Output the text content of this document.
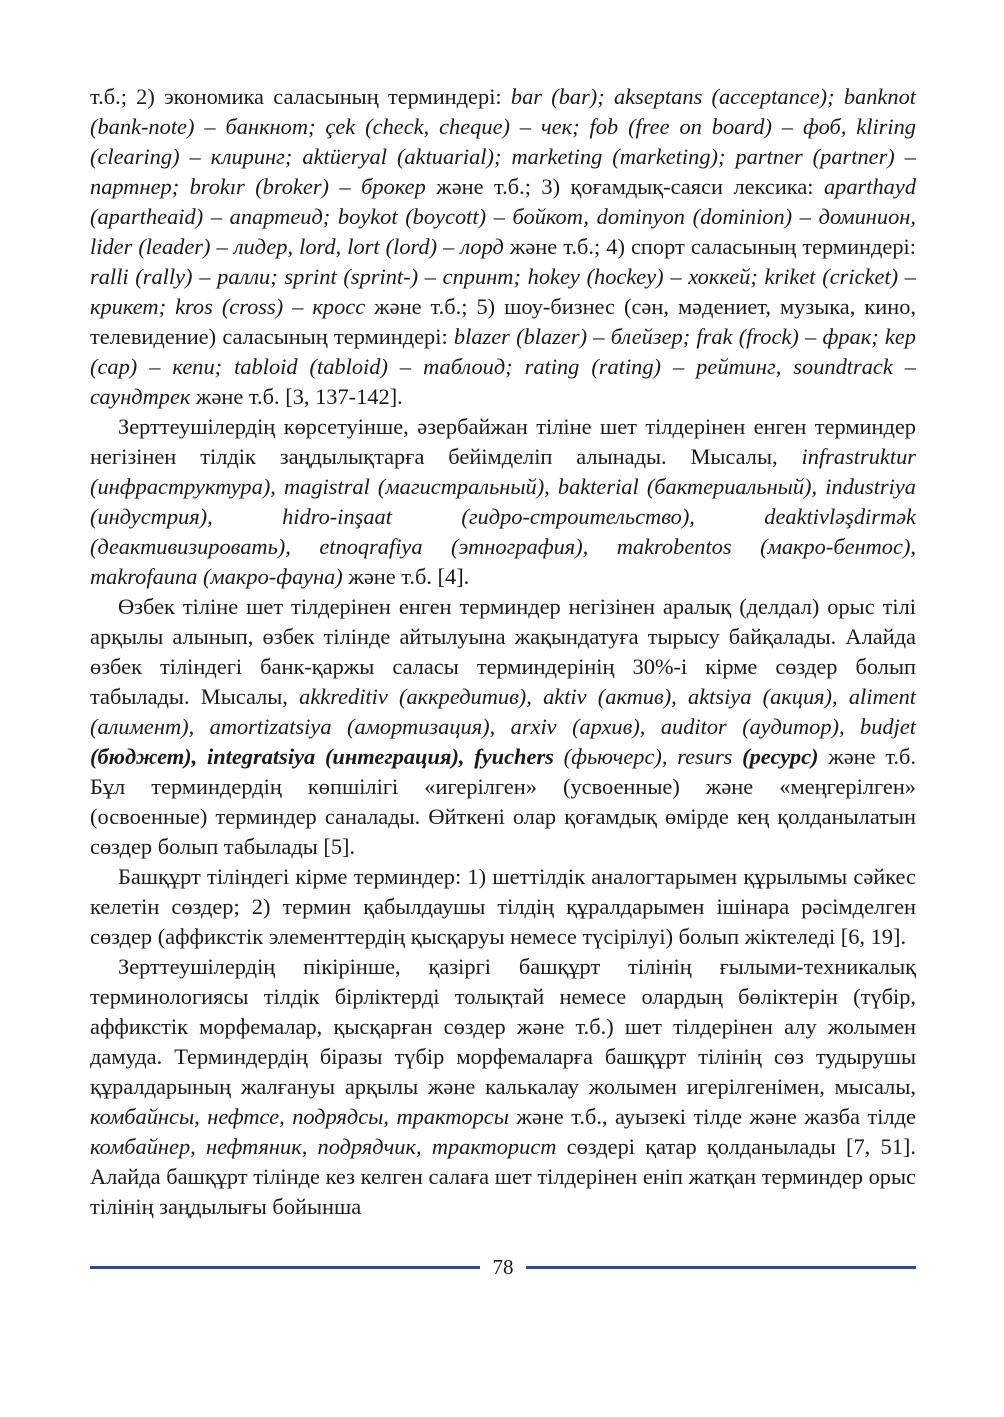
т.б.; 2) экономика саласының терминдері: bar (bar); akseptans (acceptance); banknot (bank-note) – банкнот; çek (check, cheque) – чек; fob (free on board) – фоб, kliring (clearing) – клиринг; aktüeryal (aktuarial); marketing (marketing); partner (partner) – партнер; brokır (broker) – брокер және т.б.; 3) қоғамдық-саяси лексика: aparthayd (apartheaid) – апартеид; boykot (boycott) – бойкот, dominyon (dominion) – доминион, lider (leader) – лидер, lord, lort (lord) – лорд және т.б.; 4) спорт саласының терминдері: ralli (rally) – ралли; sprint (sprint-) – спринт; hokey (hockey) – хоккей; kriket (cricket) – крикет; kros (cross) – кросс және т.б.; 5) шоу-бизнес (сән, мәдениет, музыка, кино, телевидение) саласының терминдері: blazer (blazer) – блейзер; frak (frock) – фрак; kep (cap) – кепи; tabloid (tabloid) – таблоид; rating (rating) – рейтинг, soundtrack – саундтрек және т.б. [3, 137-142].

Зерттеушілердің көрсетуінше, әзербайжан тіліне шет тілдерінен енген терминдер негізінен тілдік заңдылықтарға бейімделіп алынады. Мысалы, infrastruktur (инфраструктура), magistral (магистральный), bakterial (бактериальный), industriya (индустрия), hidro-inşaat (гидро-строительство), deaktivləşdirmək (деактивизировать), etnoqrafiya (этнография), makrobentos (макро-бентос), makrofauna (макро-фауна) және т.б. [4].

Өзбек тіліне шет тілдерінен енген терминдер негізінен аралық (делдал) орыс тілі арқылы алынып, өзбек тілінде айтылуына жақындатуға тырысу байқалады. Алайда өзбек тіліндегі банк-қаржы саласы терминдерінің 30%-і кірме сөздер болып табылады. Мысалы, akkreditiv (аккредитив), aktiv (актив), aktsiya (акция), aliment (алимент), amortizatsiya (амортизация), arxiv (архив), auditor (аудитор), budjet (бюджет), integratsiya (интеграция), fyuchers (фьючерс), resurs (ресурс) және т.б. Бұл терминдердің көпшілігі «игерілген» (усвоенные) және «меңгерілген» (освоенные) терминдер саналады. Өйткені олар қоғамдық өмірде кең қолданылатын сөздер болып табылады [5].

Башқұрт тіліндегі кірме терминдер: 1) шеттілдік аналогтарымен құрылымы сәйкес келетін сөздер; 2) термин қабылдаушы тілдің құралдарымен ішінара рәсімделген сөздер (аффикстік элементтердің қысқаруы немесе түсірілуі) болып жіктеледі [6, 19].

Зерттеушілердің пікірінше, қазіргі башқұрт тілінің ғылыми-техникалық терминологиясы тілдік бірліктерді толықтай немесе олардың бөліктерін (түбір, аффикстік морфемалар, қысқарған сөздер және т.б.) шет тілдерінен алу жолымен дамуда. Терминдердің біразы түбір морфемаларға башқұрт тілінің сөз тудырушы құралдарының жалғануы арқылы және калькалау жолымен игерілгенімен, мысалы, комбайнсы, нефтсе, подрядсы, тракторсы және т.б., ауызекі тілде және жазба тілде комбайнер, нефтяник, подрядчик, тракторист сөздері қатар қолданылады [7, 51]. Алайда башқұрт тілінде кез келген салаға шет тілдерінен еніп жатқан терминдер орыс тілінің заңдылығы бойынша

78
